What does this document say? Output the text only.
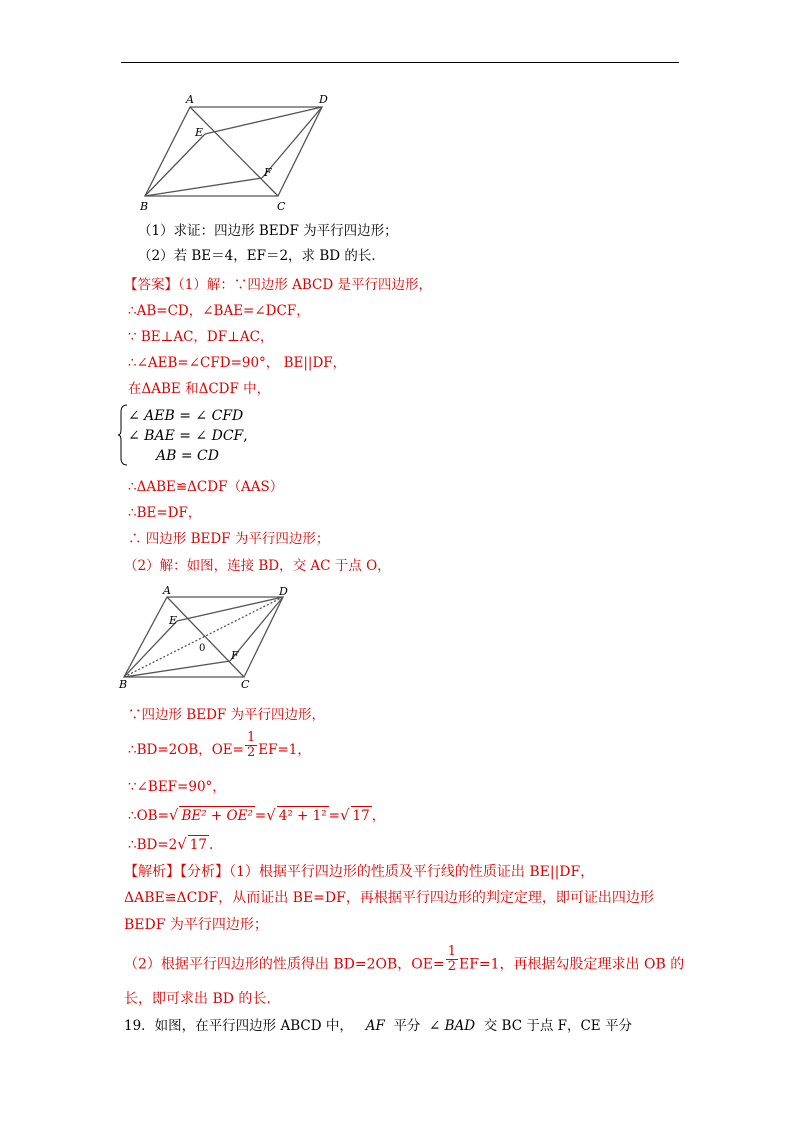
A	D
E
F
B	C
（1）求证：四边形 BEDF 为平行四边形；
（2）若 BE＝4，EF＝2，求 BD 的长．
【答案】（1）解：∵四边形 ABCD 是平行四边形，
∴AB=CD，∠BAE=∠DCF，
∵ BE⊥AC，DF⊥AC，
∴∠AEB=∠CFD=90°， BE||DF，
在ΔABE 和ΔCDF 中，
∠ AEB = ∠ CFD
∠ BAE = ∠ DCF,
AB = CD
∴ΔABE≌ΔCDF（AAS）
∴BE=DF，
∴ 四边形 BEDF 为平行四边形；
（2）解：如图，连接 BD，交 AC 于点 O，
A	D
E
0
F
B	C
∵四边形 BEDF 为平行四边形，
∴BD=2OB，$OE= \frac{1}{2} EF=1$，
∵∠BEF=90°，
∴OB=√ BE² + OE² =√ 4² + 1² =√ 17 ，
∴BD=2√ 17 .
【解析】【分析】（1）根据平行四边形的性质及平行线的性质证出 BE||DF，
ΔABE≌ΔCDF，从而证出 BE=DF，再根据平行四边形的判定定理，即可证出四边形
BEDF 为平行四边形；
（2）根据平行四边形的性质得出 BD=2OB，$OE= \frac{1}{2} EF=1$，再根据勾股定理求出 OB 的
长，即可求出 BD 的长.
19．如图，在平行四边形 ABCD 中， AF 平分 ∠ BAD 交 BC 于点 F，CE 平分
